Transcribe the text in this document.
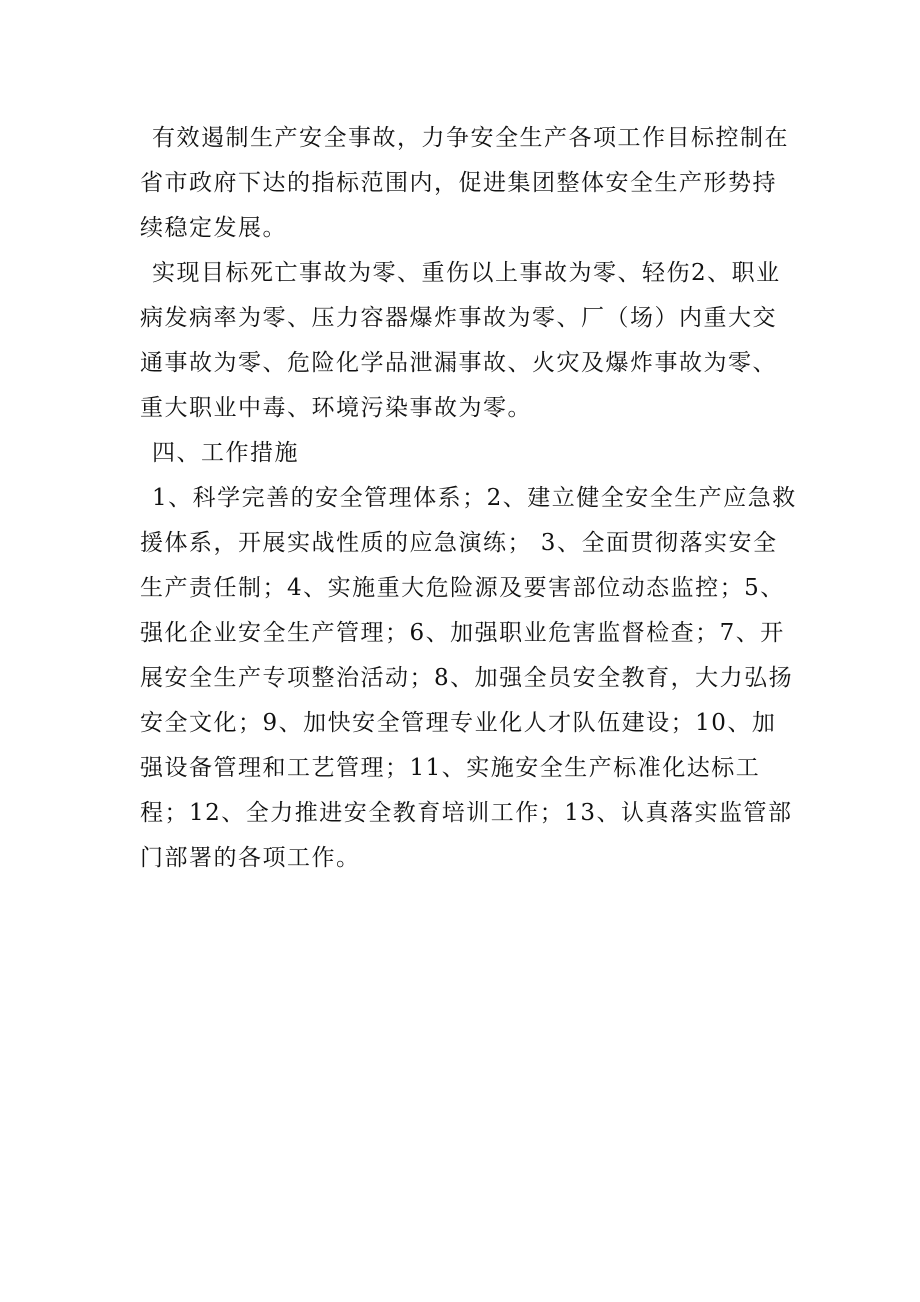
有效遏制生产安全事故，力争安全生产各项工作目标控制在省市政府下达的指标范围内，促进集团整体安全生产形势持续稳定发展。

实现目标死亡事故为零、重伤以上事故为零、轻伤2、职业病发病率为零、压力容器爆炸事故为零、厂（场）内重大交通事故为零、危险化学品泄漏事故、火灾及爆炸事故为零、重大职业中毒、环境污染事故为零。

四、工作措施

1、科学完善的安全管理体系；2、建立健全安全生产应急救援体系，开展实战性质的应急演练； 3、全面贯彻落实安全生产责任制；4、实施重大危险源及要害部位动态监控；5、强化企业安全生产管理；6、加强职业危害监督检查；7、开展安全生产专项整治活动；8、加强全员安全教育，大力弘扬安全文化；9、加快安全管理专业化人才队伍建设；10、加强设备管理和工艺管理；11、实施安全生产标准化达标工程；12、全力推进安全教育培训工作；13、认真落实监管部门部署的各项工作。
